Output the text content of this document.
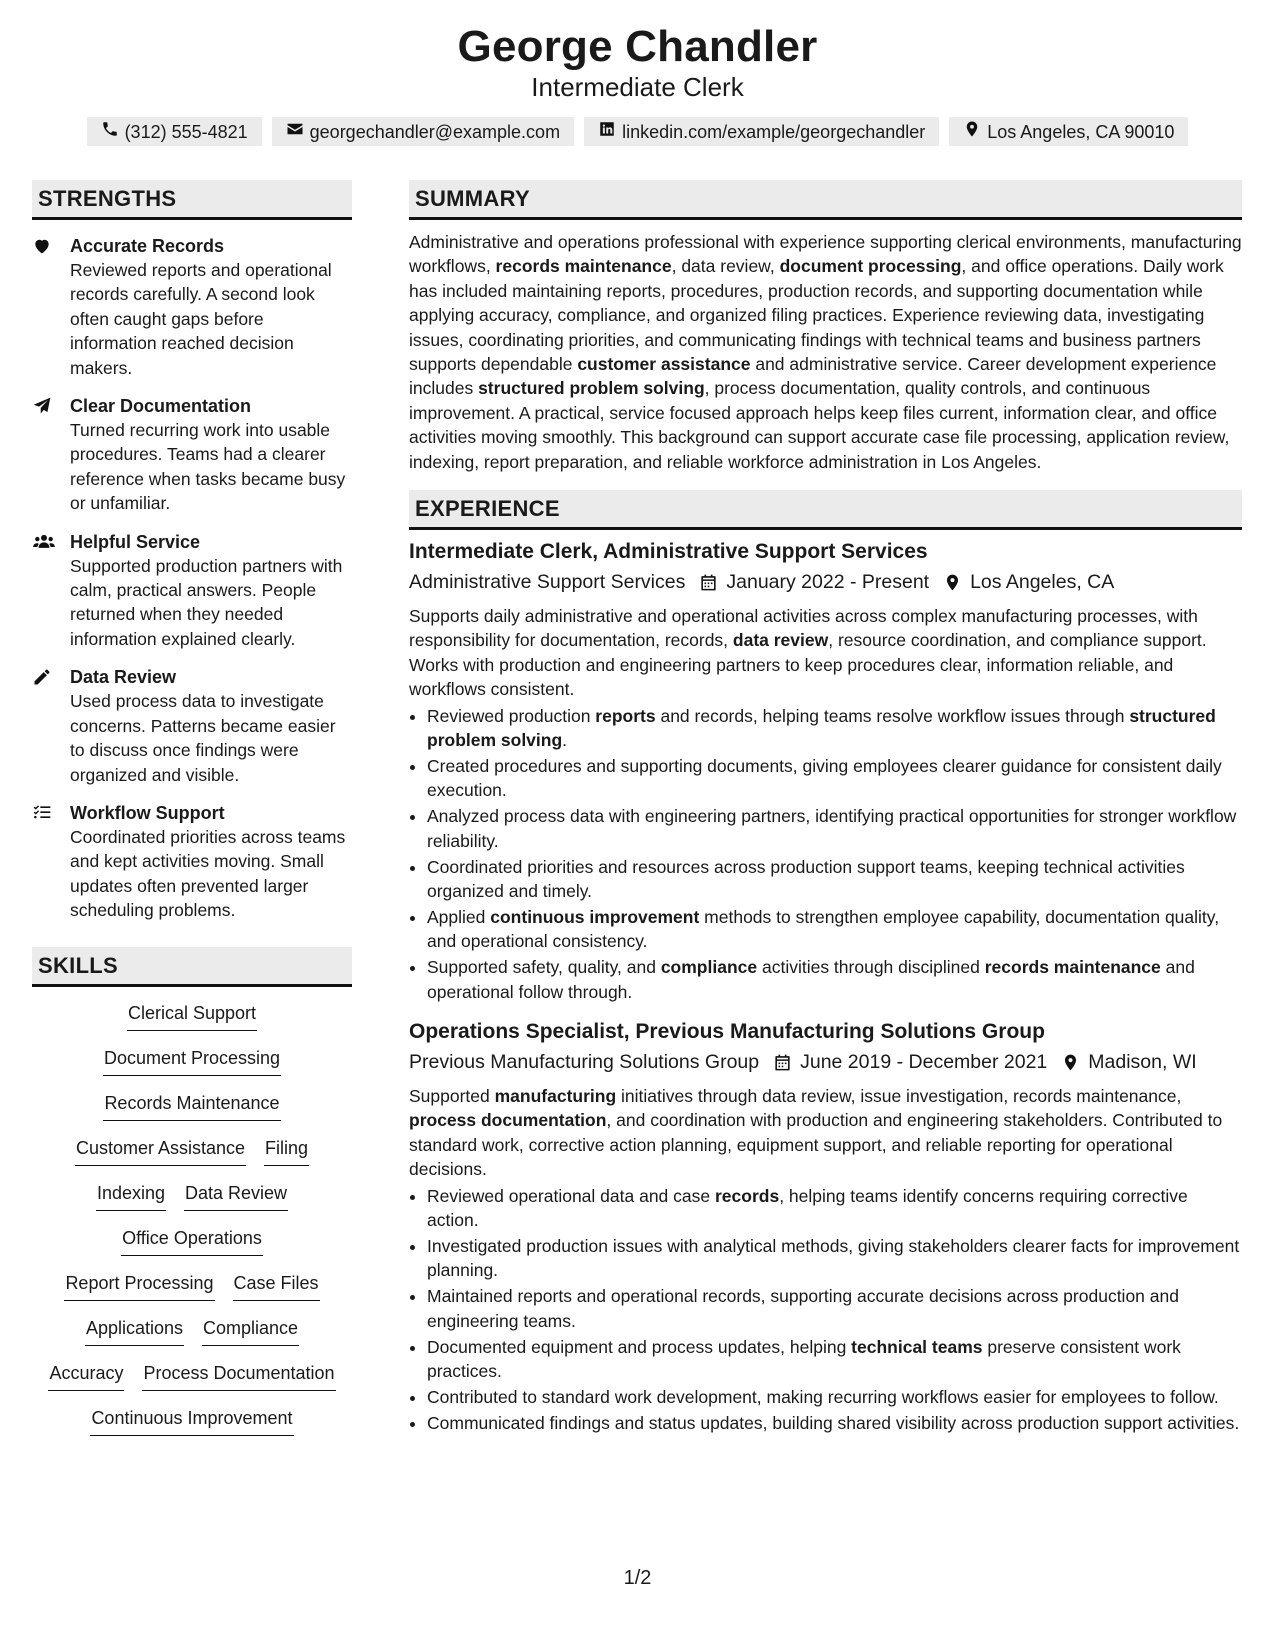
George Chandler
Intermediate Clerk
(312) 555-4821	georgechandler@example.com	linkedin.com/example/georgechandler	Los Angeles, CA 90010
STRENGTHS
Accurate Records
Reviewed reports and operational records carefully. A second look often caught gaps before information reached decision makers.
Clear Documentation
Turned recurring work into usable procedures. Teams had a clearer reference when tasks became busy or unfamiliar.
Helpful Service
Supported production partners with calm, practical answers. People returned when they needed information explained clearly.
Data Review
Used process data to investigate concerns. Patterns became easier to discuss once findings were organized and visible.
Workflow Support
Coordinated priorities across teams and kept activities moving. Small updates often prevented larger scheduling problems.
SKILLS
Clerical Support
Document Processing
Records Maintenance
Customer Assistance Filing
Indexing Data Review
Office Operations
Report Processing Case Files
Applications Compliance
Accuracy Process Documentation
Continuous Improvement
SUMMARY

Administrative and operations professional with experience supporting clerical environments, manufacturing workflows, records maintenance, data review, document processing, and office operations. Daily work has included maintaining reports, procedures, production records, and supporting documentation while applying accuracy, compliance, and organized filing practices. Experience reviewing data, investigating issues, coordinating priorities, and communicating findings with technical teams and business partners supports dependable customer assistance and administrative service. Career development experience includes structured problem solving, process documentation, quality controls, and continuous improvement. A practical, service focused approach helps keep files current, information clear, and office activities moving smoothly. This background can support accurate case file processing, application review, indexing, report preparation, and reliable workforce administration in Los Angeles.

EXPERIENCE
Intermediate Clerk, Administrative Support Services
Administrative Support Services January 2022 - Present Los Angeles, CA
Supports daily administrative and operational activities across complex manufacturing processes, with responsibility for documentation, records, data review, resource coordination, and compliance support. Works with production and engineering partners to keep procedures clear, information reliable, and workflows consistent.
• Reviewed production reports and records, helping teams resolve workflow issues through structured problem solving.
• Created procedures and supporting documents, giving employees clearer guidance for consistent daily execution.
• Analyzed process data with engineering partners, identifying practical opportunities for stronger workflow reliability.
• Coordinated priorities and resources across production support teams, keeping technical activities organized and timely.
• Applied continuous improvement methods to strengthen employee capability, documentation quality, and operational consistency.
• Supported safety, quality, and compliance activities through disciplined records maintenance and operational follow through.
Operations Specialist, Previous Manufacturing Solutions Group
Previous Manufacturing Solutions Group June 2019 - December 2021 Madison, WI
Supported manufacturing initiatives through data review, issue investigation, records maintenance, process documentation, and coordination with production and engineering stakeholders. Contributed to standard work, corrective action planning, equipment support, and reliable reporting for operational decisions.
• Reviewed operational data and case records, helping teams identify concerns requiring corrective action.
• Investigated production issues with analytical methods, giving stakeholders clearer facts for improvement planning.
• Maintained reports and operational records, supporting accurate decisions across production and engineering teams.
• Documented equipment and process updates, helping technical teams preserve consistent work practices.
• Contributed to standard work development, making recurring workflows easier for employees to follow.
• Communicated findings and status updates, building shared visibility across production support activities.
1/2
